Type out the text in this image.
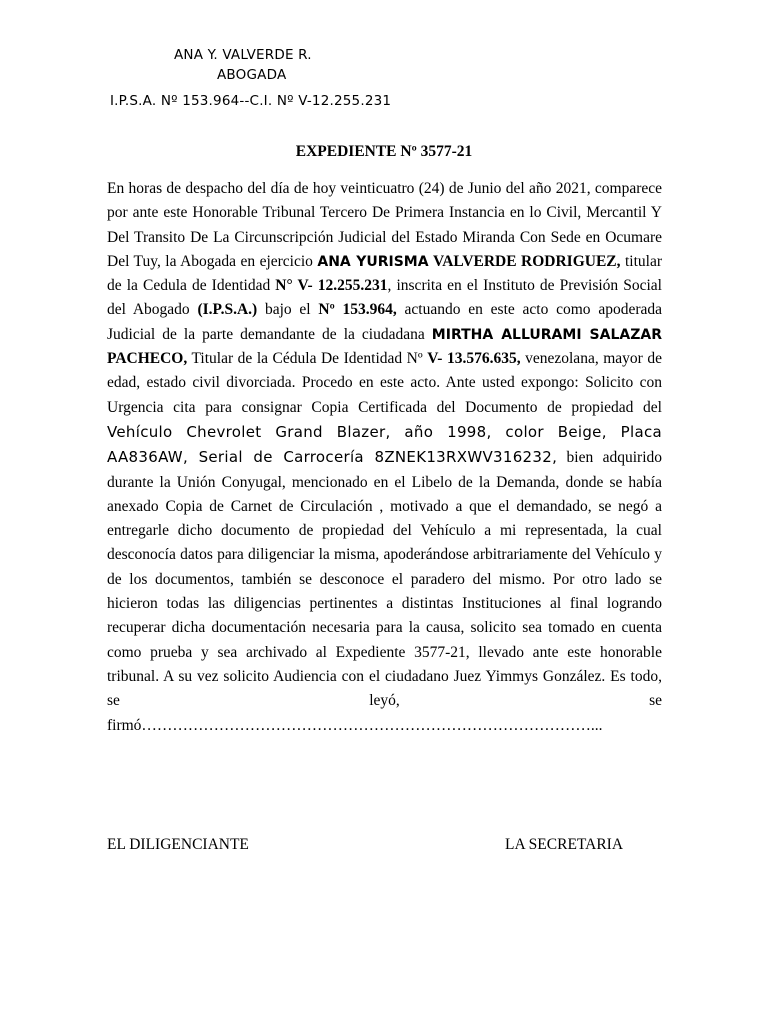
ANA Y. VALVERDE R.
ABOGADA
I.P.S.A. Nº 153.964--C.I. Nº V-12.255.231
EXPEDIENTE Nº 3577-21
En horas de despacho del día de hoy veinticuatro (24) de Junio del año 2021, comparece por ante este Honorable Tribunal Tercero De Primera Instancia en lo Civil, Mercantil Y Del Transito De La Circunscripción Judicial del Estado Miranda Con Sede en Ocumare Del Tuy, la Abogada en ejercicio ANA YURISMA VALVERDE RODRIGUEZ, titular de la Cedula de Identidad N° V- 12.255.231, inscrita en el Instituto de Previsión Social del Abogado (I.P.S.A.) bajo el Nº 153.964, actuando en este acto como apoderada Judicial de la parte demandante de la ciudadana MIRTHA ALLURAMI SALAZAR PACHECO, Titular de la Cédula De Identidad Nº V- 13.576.635, venezolana, mayor de edad, estado civil divorciada. Procedo en este acto. Ante usted expongo: Solicito con Urgencia cita para consignar Copia Certificada del Documento de propiedad del Vehículo Chevrolet Grand Blazer, año 1998, color Beige, Placa AA836AW, Serial de Carrocería 8ZNEK13RXWV316232, bien adquirido durante la Unión Conyugal, mencionado en el Libelo de la Demanda, donde se había anexado Copia de Carnet de Circulación , motivado a que el demandado, se negó a entregarle dicho documento de propiedad del Vehículo a mi representada, la cual desconocía datos para diligenciar la misma, apoderándose arbitrariamente del Vehículo y de los documentos, también se desconoce el paradero del mismo. Por otro lado se hicieron todas las diligencias pertinentes a distintas Instituciones al final logrando recuperar dicha documentación necesaria para la causa, solicito sea tomado en cuenta como prueba y sea archivado al Expediente 3577-21, llevado ante este honorable tribunal. A su vez solicito Audiencia con el ciudadano Juez Yimmys González. Es todo, se leyó, se firmó……………………………………………………………………………...
EL DILIGENCIANTE	LA SECRETARIA
